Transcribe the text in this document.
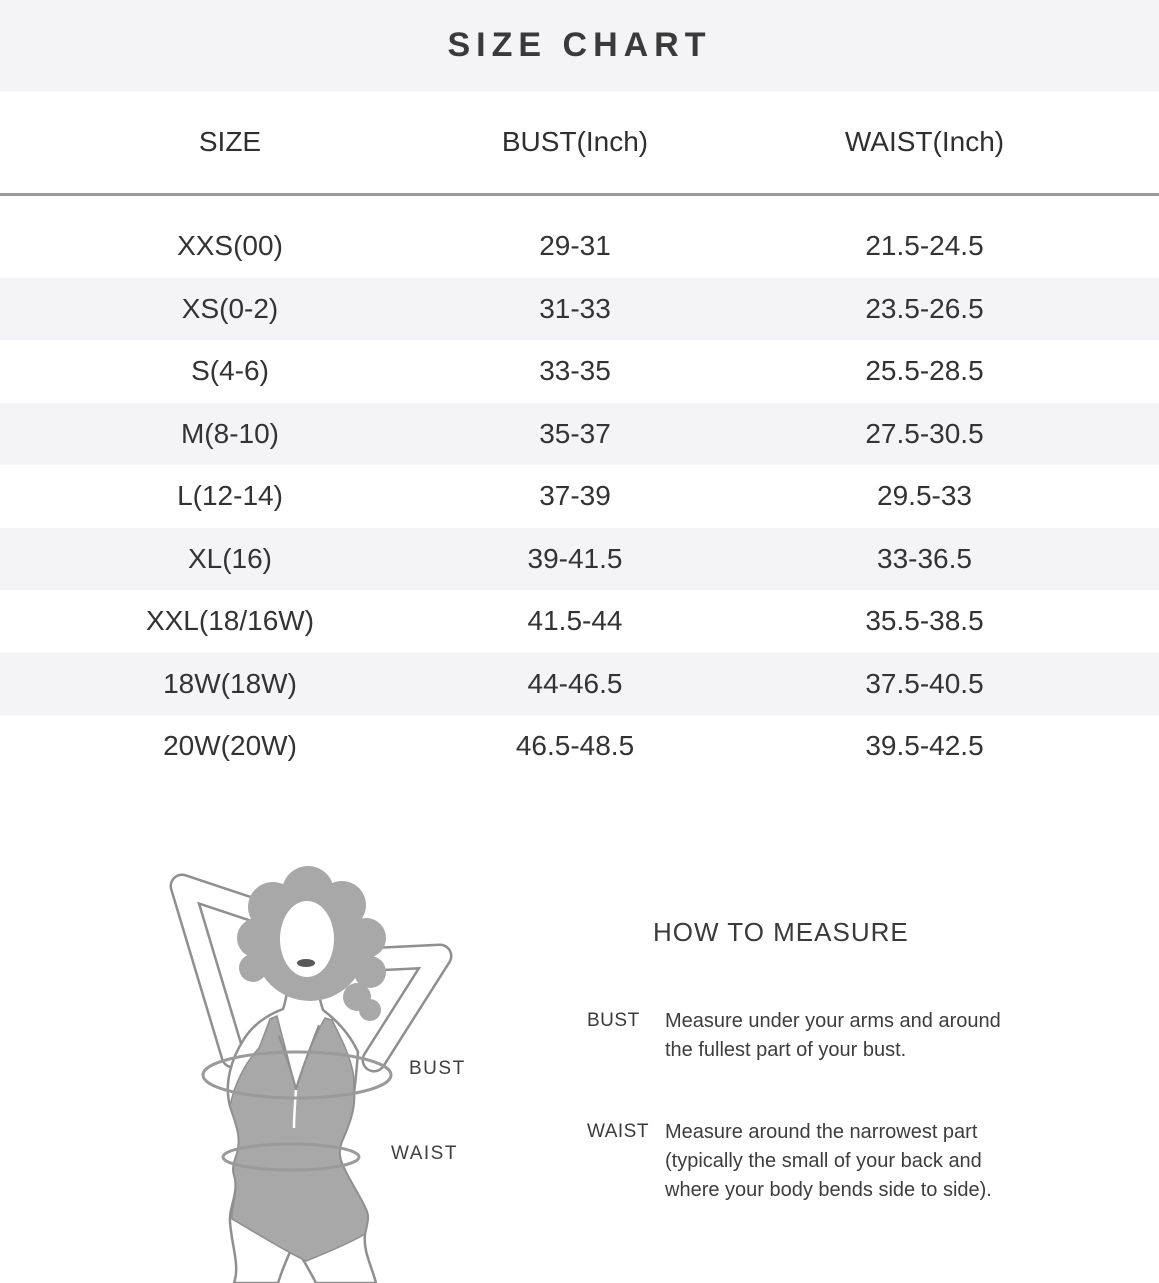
SIZE CHART
SIZE	BUST(Inch)	WAIST(Inch)
XXS(00)	29-31	21.5-24.5
XS(0-2)	31-33	23.5-26.5
S(4-6)	33-35	25.5-28.5
M(8-10)	35-37	27.5-30.5
L(12-14)	37-39	29.5-33
XL(16)	39-41.5	33-36.5
XXL(18/16W)	41.5-44	35.5-38.5
18W(18W)	44-46.5	37.5-40.5
20W(20W)	46.5-48.5	39.5-42.5
BUST
WAIST
HOW TO MEASURE
BUST	Measure under your arms and around the fullest part of your bust.

WAIST Measure around the narrowest part (typically the small of your back and where your body bends side to side).
